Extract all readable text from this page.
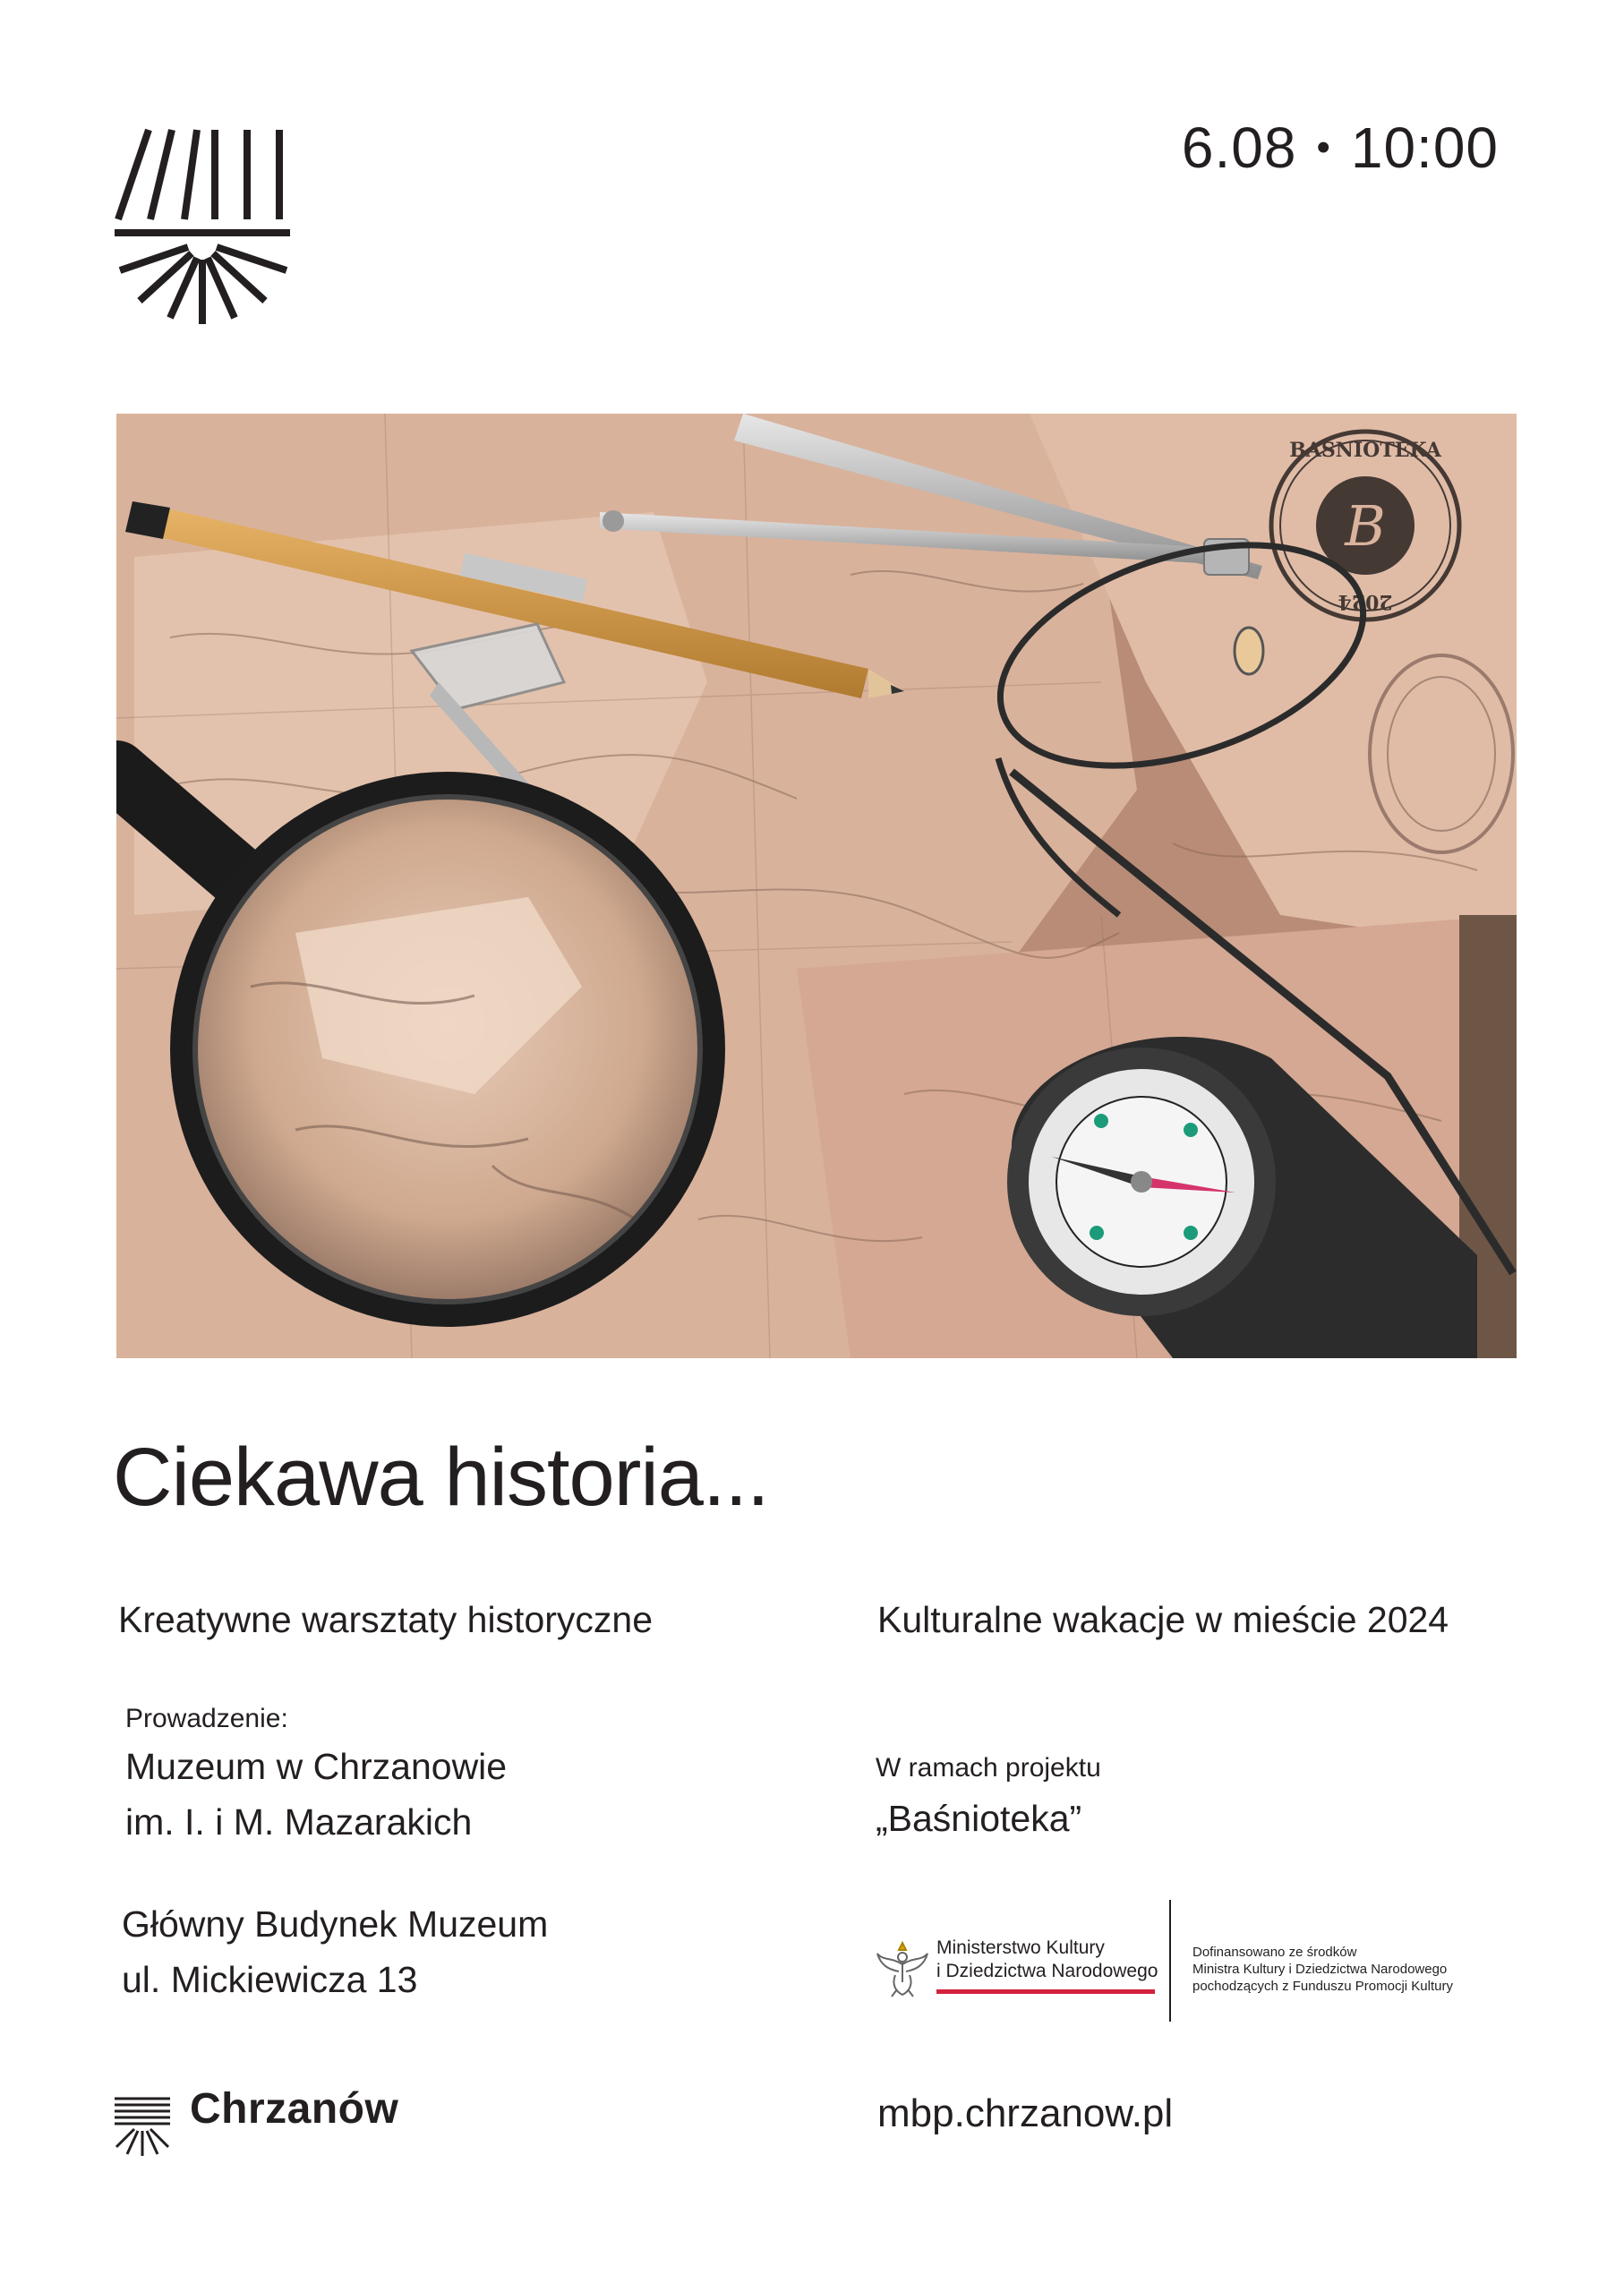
6.08 • 10:00
B
BAŚNIOTEKA
2024
Ciekawa historia...
Kreatywne warsztaty historyczne	Kulturalne wakacje w mieście 2024
Prowadzenie:
Muzeum w Chrzanowie
im. I. i M. Mazarakich
W ramach projektu
„Baśnioteka”
Główny Budynek Muzeum
ul. Mickiewicza 13
Ministerstwo Kultury
i Dziedzictwa Narodowego
Dofinansowano ze środków
Ministra Kultury i Dziedzictwa Narodowego
pochodzących z Funduszu Promocji Kultury
Chrzanów	mbp.chrzanow.pl
